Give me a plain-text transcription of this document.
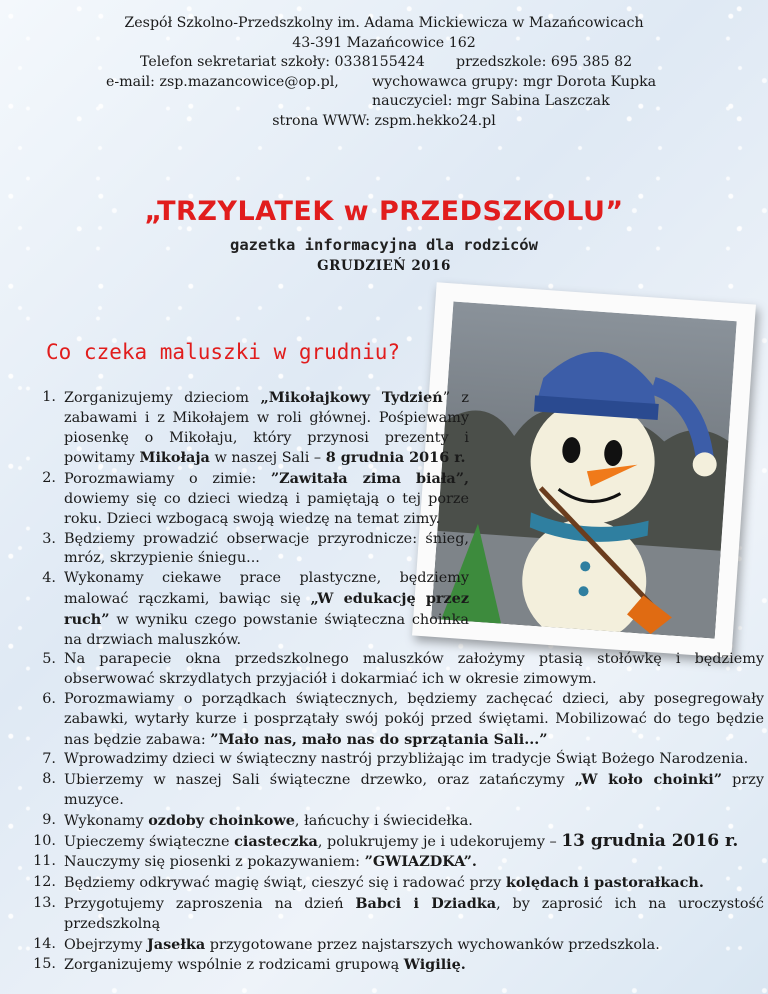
Zespół Szkolno-Przedszkolny im. Adama Mickiewicza w Mazańcowicach
43-391 Mazańcowice 162
Telefon sekretariat szkoły: 0338155424 przedszkole: 695 385 82
e-mail: zsp.mazancowice@op.pl, wychowawca grupy: mgr Dorota Kupka
nauczyciel: mgr Sabina Laszczak
strona WWW: zspm.hekko24.pl
„TRZYLATEK w PRZEDSZKOLU”
gazetka informacyjna dla rodziców
GRUDZIEŃ 2016
Co czeka maluszki w grudniu?
1. Zorganizujemy dzieciom „Mikołajkowy Tydzień” z zabawami i z Mikołajem w roli głównej. Pośpiewamy piosenkę o Mikołaju, który przynosi prezenty i powitamy Mikołaja w naszej Sali – 8 grudnia 2016 r.
2. Porozmawiamy o zimie: ”Zawitała zima biała”, dowiemy się co dzieci wiedzą i pamiętają o tej porze roku. Dzieci wzbogacą swoją wiedzę na temat zimy.
3. Będziemy prowadzić obserwacje przyrodnicze: śnieg, mróz, skrzypienie śniegu...
4. Wykonamy ciekawe prace plastyczne, będziemy malować rączkami, bawiąc się „W edukację przez ruch” w wyniku czego powstanie świąteczna choinka na drzwiach maluszków.
5. Na parapecie okna przedszkolnego maluszków założymy ptasią stołówkę i będziemy obserwować skrzydlatych przyjaciół i dokarmiać ich w okresie zimowym.
6. Porozmawiamy o porządkach świątecznych, będziemy zachęcać dzieci, aby posegregowały zabawki, wytarły kurze i posprzątały swój pokój przed świętami. Mobilizować do tego będzie nas będzie zabawa: ”Mało nas, mało nas do sprzątania Sali...”
7. Wprowadzimy dzieci w świąteczny nastrój przybliżając im tradycje Świąt Bożego Narodzenia.
8. Ubierzemy w naszej Sali świąteczne drzewko, oraz zatańczymy „W koło choinki” przy muzyce.
9. Wykonamy ozdoby choinkowe, łańcuchy i świecidełka.
10. Upieczemy świąteczne ciasteczka, polukrujemy je i udekorujemy – 13 grudnia 2016 r.
11. Nauczymy się piosenki z pokazywaniem: ”GWIAZDKA”.
12. Będziemy odkrywać magię świąt, cieszyć się i radować przy kolędach i pastorałkach.
13. Przygotujemy zaproszenia na dzień Babci i Dziadka, by zaprosić ich na uroczystość przedszkolną
14. Obejrzymy Jasełka przygotowane przez najstarszych wychowanków przedszkola.
15. Zorganizujemy wspólnie z rodzicami grupową Wigilię.
